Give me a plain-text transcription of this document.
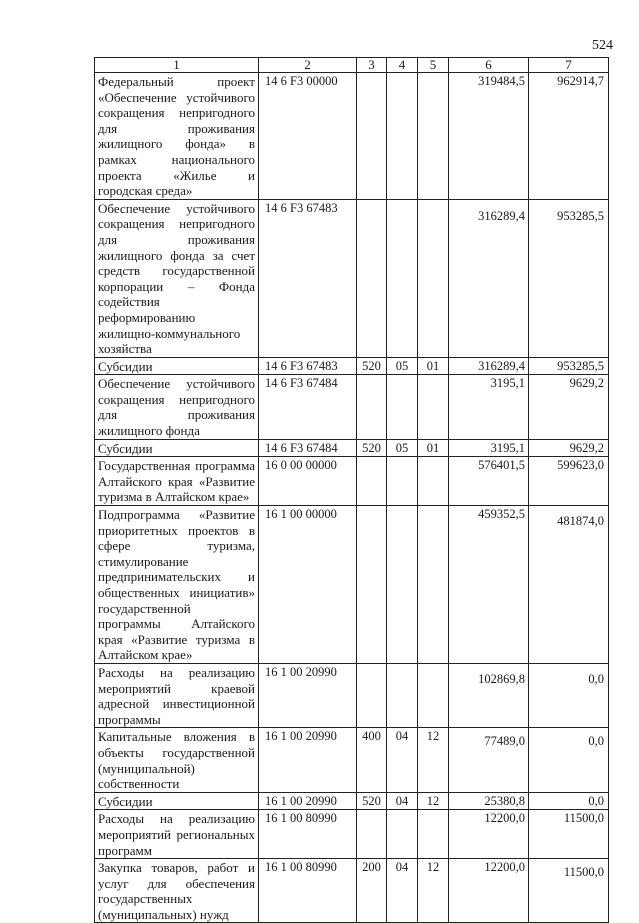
524
1	2	3	4	5	6	7
Федеральный проект «Обеспечение устойчивого сокращения непригодного для проживания жилищного фонда» в рамках национального проекта «Жилье и городская среда»	14 6 F3 00000				319484,5	962914,7
Обеспечение устойчивого сокращения непригодного для проживания жилищного фонда за счет средств государственной корпорации – Фонда содействия реформированию жилищно-коммунального хозяйства	14 6 F3 67483				316289,4	953285,5
Субсидии	14 6 F3 67483	520	05	01	316289,4	953285,5
Обеспечение устойчивого сокращения непригодного для проживания жилищного фонда	14 6 F3 67484				3195,1	9629,2
Субсидии	14 6 F3 67484	520	05	01	3195,1	9629,2
Государственная программа Алтайского края «Развитие туризма в Алтайском крае»	16 0 00 00000				576401,5	599623,0
Подпрограмма «Развитие приоритетных проектов в сфере туризма, стимулирование предпринимательских и общественных инициатив» государственной программы Алтайского края «Развитие туризма в Алтайском крае»	16 1 00 00000				459352,5	481874,0
Расходы на реализацию мероприятий краевой адресной инвестиционной программы	16 1 00 20990				102869,8	0,0
Капитальные вложения в объекты государственной (муниципальной) собственности	16 1 00 20990	400	04	12	77489,0	0,0
Субсидии	16 1 00 20990	520	04	12	25380,8	0,0
Расходы на реализацию мероприятий региональных программ	16 1 00 80990				12200,0	11500,0
Закупка товаров, работ и услуг для обеспечения государственных (муниципальных) нужд	16 1 00 80990	200	04	12	12200,0	11500,0
